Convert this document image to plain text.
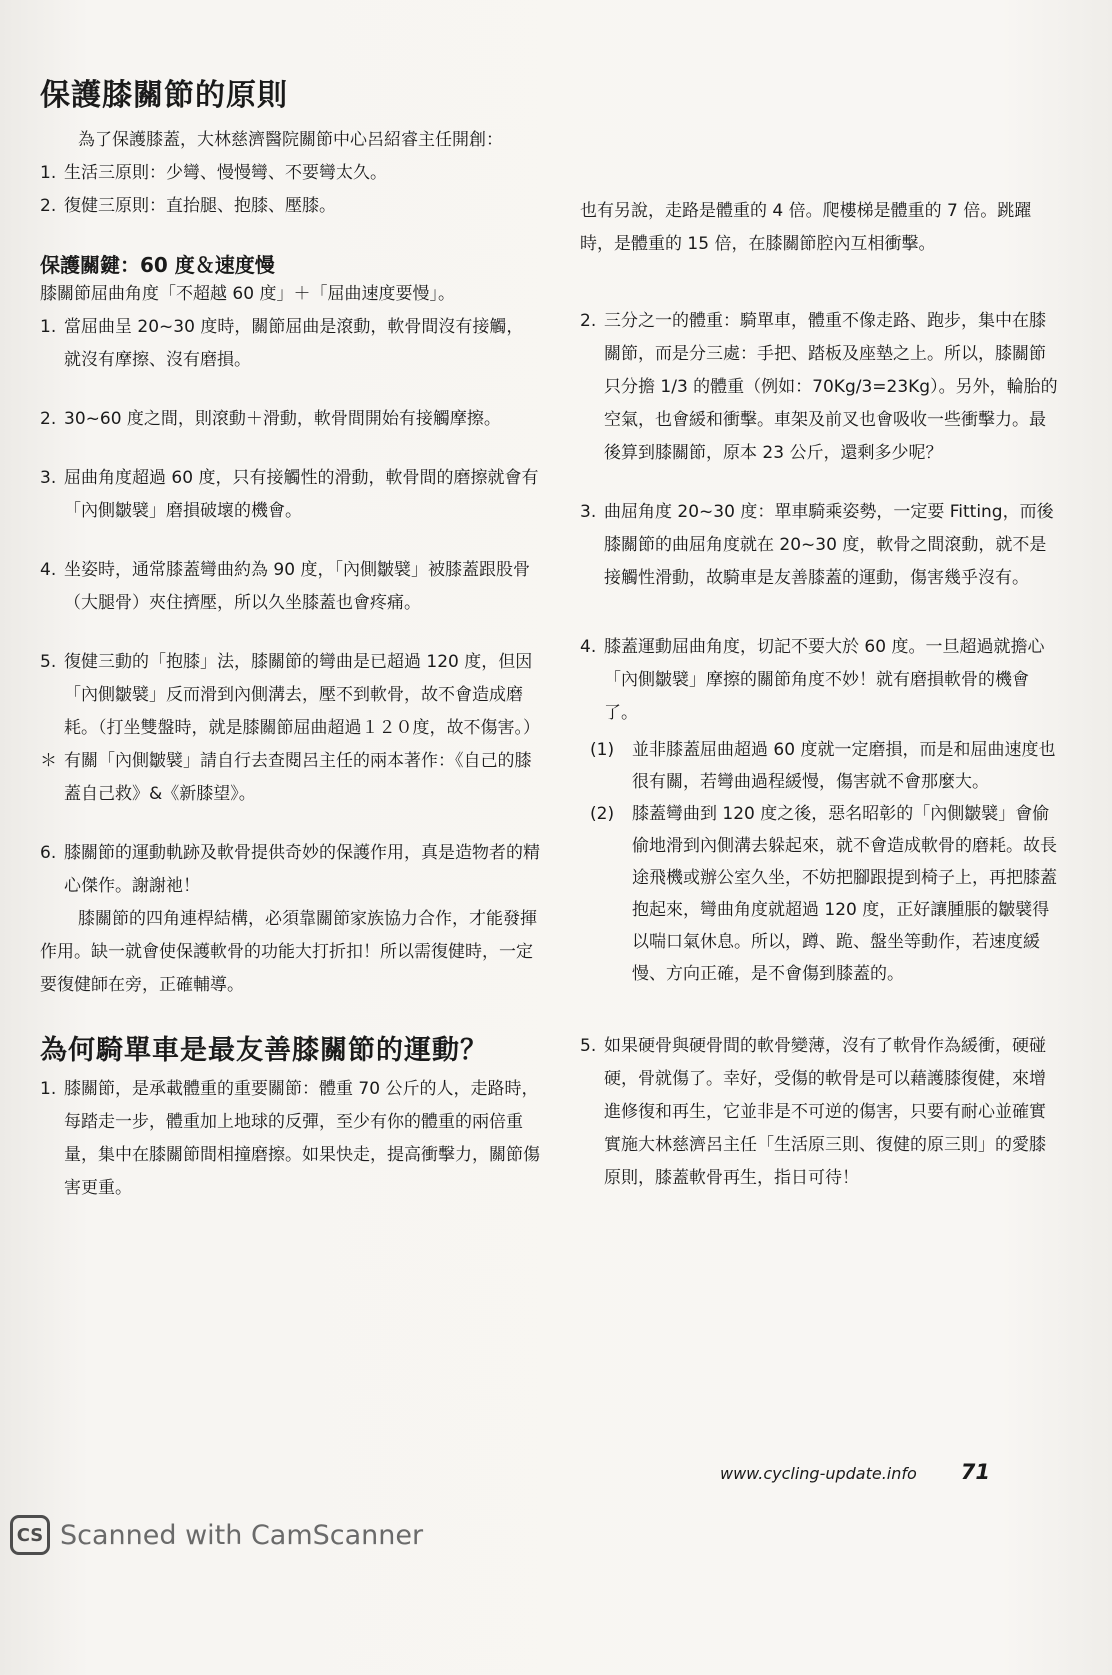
保護膝關節的原則

為了保護膝蓋，大林慈濟醫院關節中心呂紹睿主任開創：

1. 生活三原則：少彎、慢慢彎、不要彎太久。
2. 復健三原則：直抬腿、抱膝、壓膝。
保護關鍵：60 度＆速度慢

膝關節屈曲角度「不超越 60 度」＋「屈曲速度要慢」。

1. 當屈曲呈 20~30 度時，關節屈曲是滾動，軟骨間沒有接觸，就沒有摩擦、沒有磨損。
2. 30~60 度之間，則滾動＋滑動，軟骨間開始有接觸摩擦。
3. 屈曲角度超過 60 度，只有接觸性的滑動，軟骨間的磨擦就會有「內側皺襞」磨損破壞的機會。
4. 坐姿時，通常膝蓋彎曲約為 90 度，「內側皺襞」被膝蓋跟股骨（大腿骨）夾住擠壓，所以久坐膝蓋也會疼痛。
5. 復健三動的「抱膝」法，膝關節的彎曲是已超過 120 度，但因「內側皺襞」反而滑到內側溝去，壓不到軟骨，故不會造成磨耗。（打坐雙盤時，就是膝關節屈曲超過１２０度，故不傷害。）
＊ 有關「內側皺襞」請自行去查閱呂主任的兩本著作：《自己的膝蓋自己救》&《新膝望》。
6. 膝關節的運動軌跡及軟骨提供奇妙的保護作用，真是造物者的精心傑作。謝謝祂！

膝關節的四角連桿結構，必須靠關節家族協力合作，才能發揮作用。缺一就會使保護軟骨的功能大打折扣！所以需復健時，一定要復健師在旁，正確輔導。

為何騎單車是最友善膝關節的運動？
1. 膝關節，是承載體重的重要關節：體重 70 公斤的人，走路時，每踏走一步，體重加上地球的反彈，至少有你的體重的兩倍重量，集中在膝關節間相撞磨擦。如果快走，提高衝擊力，關節傷害更重。

也有另說，走路是體重的 4 倍。爬樓梯是體重的 7 倍。跳躍時，是體重的 15 倍，在膝關節腔內互相衝擊。

2. 三分之一的體重：騎單車，體重不像走路、跑步，集中在膝關節，而是分三處：手把、踏板及座墊之上。所以，膝關節只分擔 1/3 的體重（例如：70Kg/3=23Kg）。另外，輪胎的空氣，也會緩和衝擊。車架及前叉也會吸收一些衝擊力。最後算到膝關節，原本 23 公斤，還剩多少呢？
3. 曲屈角度 20~30 度：單車騎乘姿勢，一定要 Fitting，而後膝關節的曲屈角度就在 20~30 度，軟骨之間滾動，就不是接觸性滑動，故騎車是友善膝蓋的運動，傷害幾乎沒有。
4. 膝蓋運動屈曲角度，切記不要大於 60 度。一旦超過就擔心「內側皺襞」摩擦的關節角度不妙！就有磨損軟骨的機會了。
(1)	並非膝蓋屈曲超過 60 度就一定磨損，而是和屈曲速度也很有關，若彎曲過程緩慢，傷害就不會那麼大。
(2)	膝蓋彎曲到 120 度之後，惡名昭彰的「內側皺襞」會偷偷地滑到內側溝去躲起來，就不會造成軟骨的磨耗。故長途飛機或辦公室久坐，不妨把腳跟提到椅子上，再把膝蓋抱起來，彎曲角度就超過 120 度，正好讓腫脹的皺襞得以喘口氣休息。所以，蹲、跪、盤坐等動作，若速度緩慢、方向正確，是不會傷到膝蓋的。
5. 如果硬骨與硬骨間的軟骨變薄，沒有了軟骨作為緩衝，硬碰硬，骨就傷了。幸好，受傷的軟骨是可以藉護膝復健，來增進修復和再生，它並非是不可逆的傷害，只要有耐心並確實實施大林慈濟呂主任「生活原三則、復健的原三則」的愛膝原則，膝蓋軟骨再生，指日可待！
www.cycling-update.info 71
CS Scanned with CamScanner
